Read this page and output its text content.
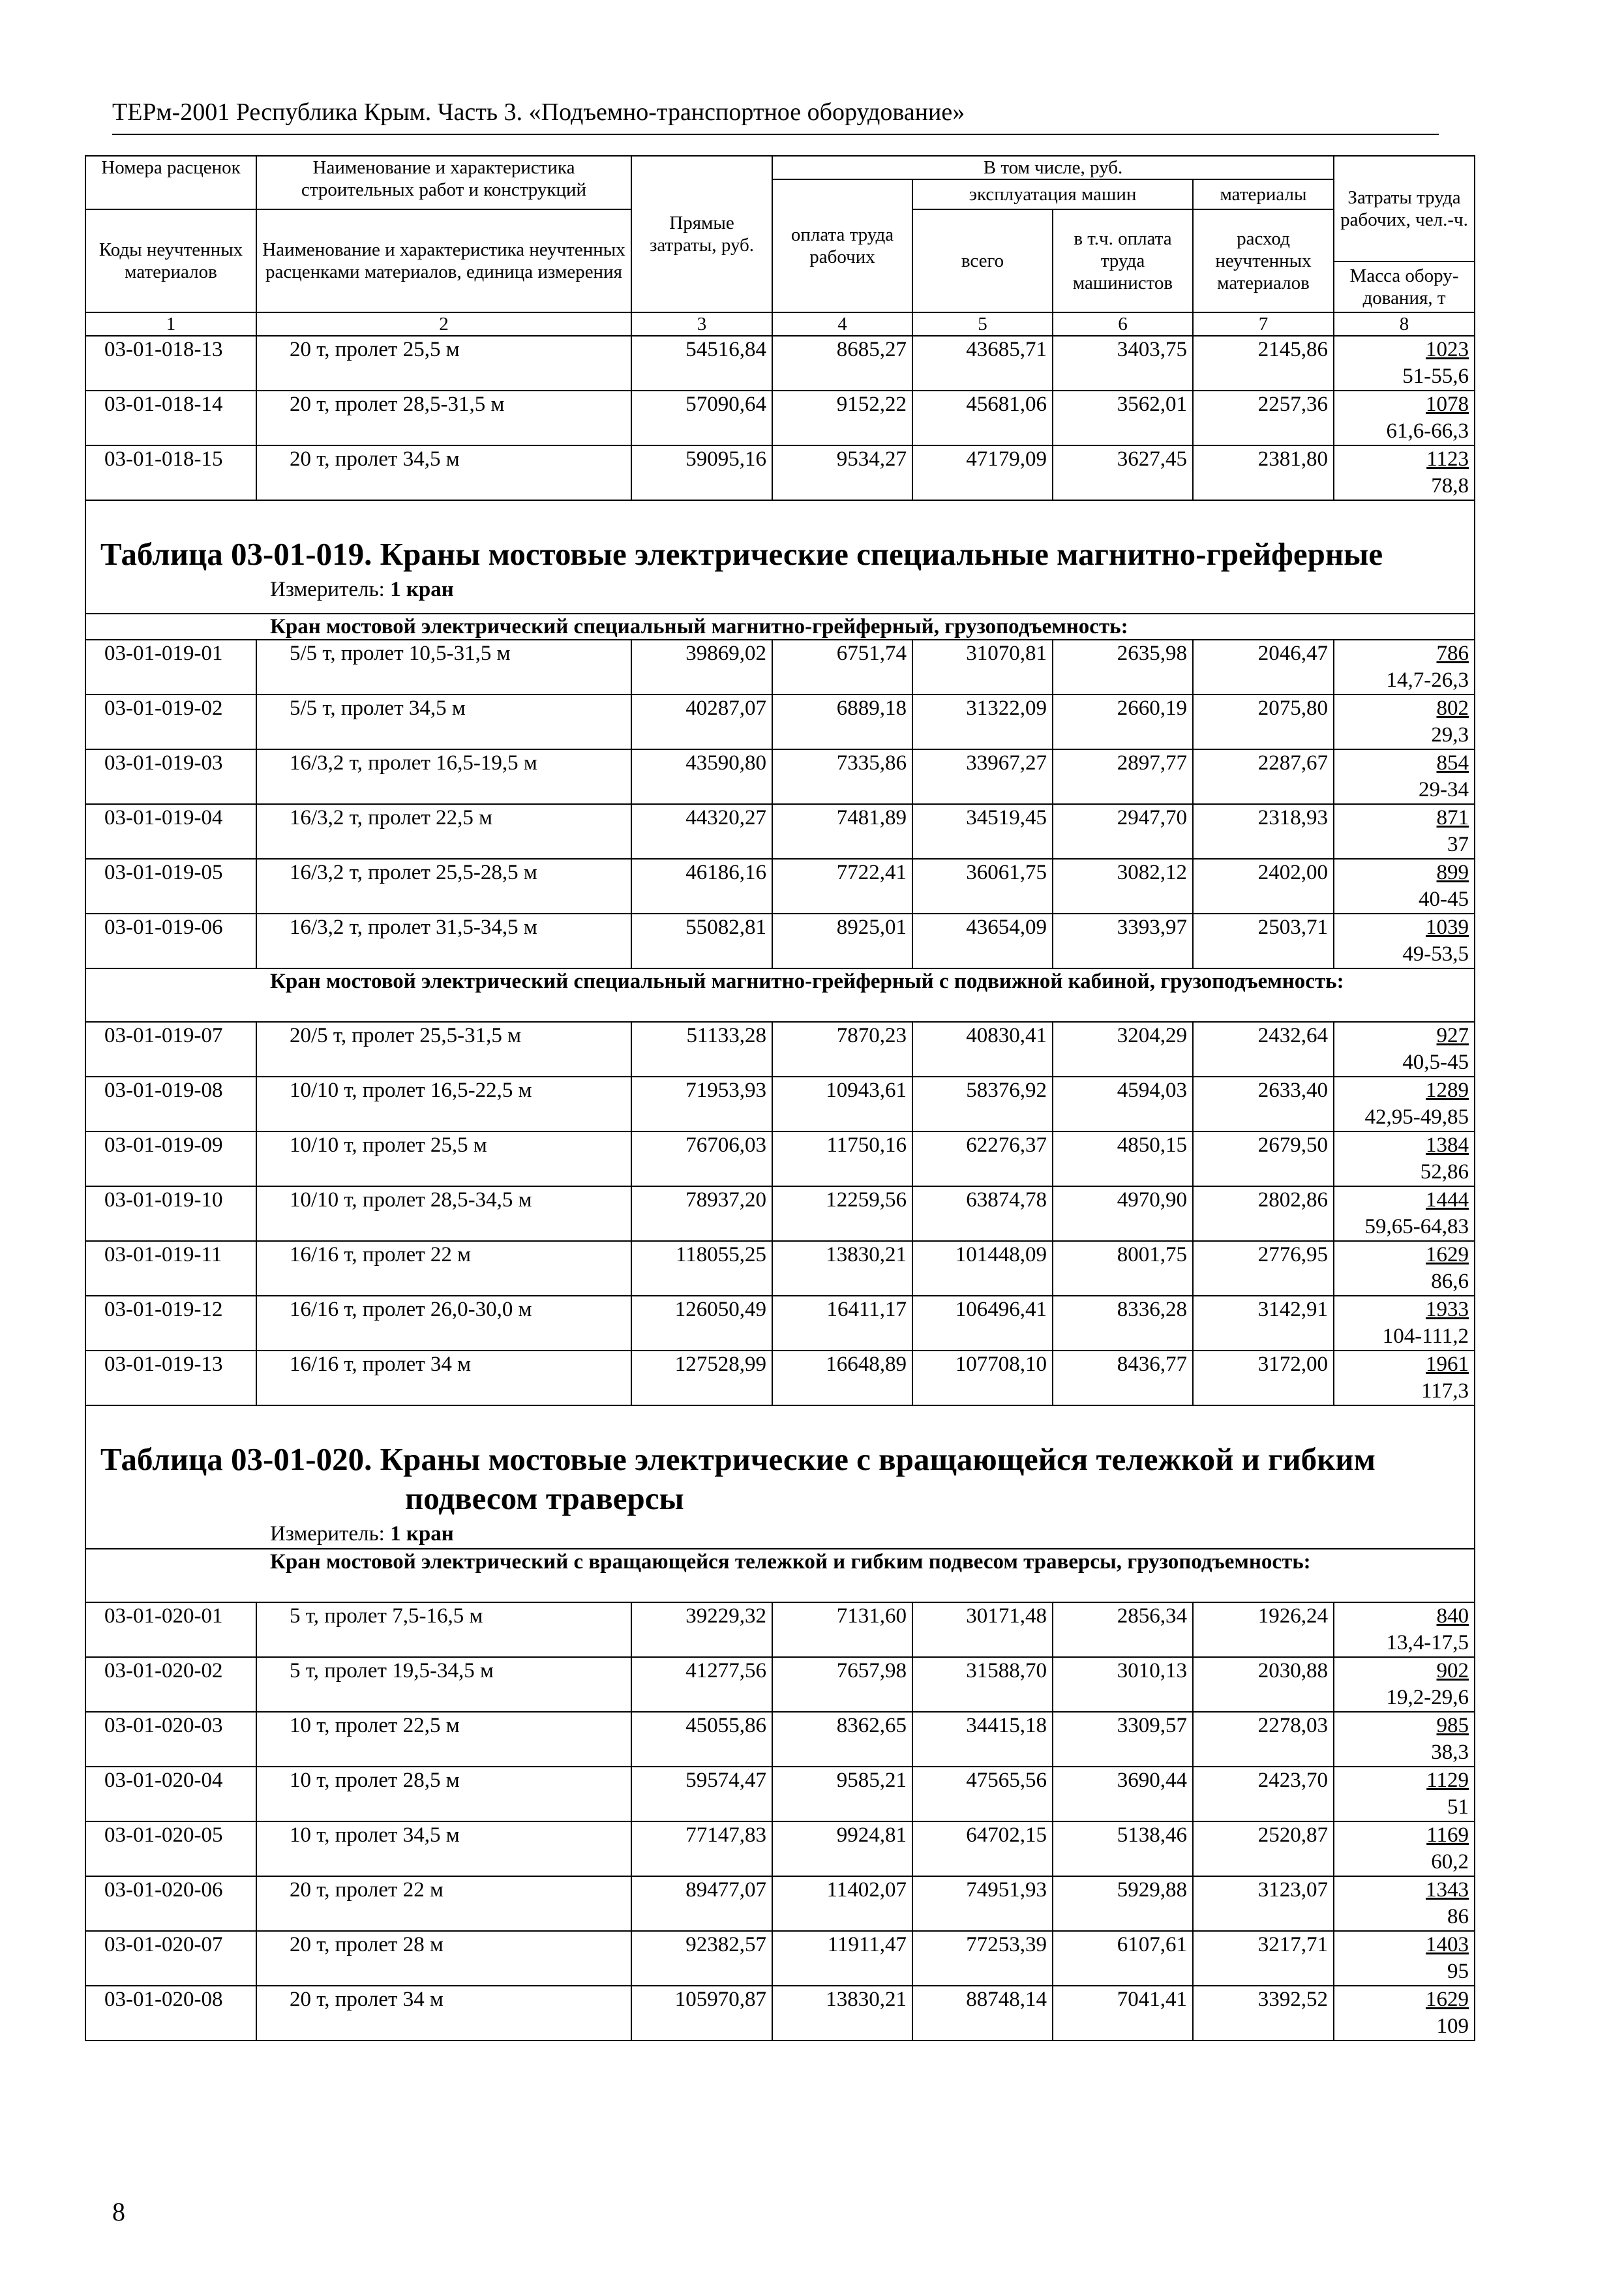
ТЕРм-2001 Республика Крым. Часть 3. «Подъемно-транспортное оборудование»
Номера расценок	Наименование и характеристика строительных работ и конструкций	Прямые затраты, руб.	В том числе, руб.				Затраты труда рабочих, чел.-ч.
			оплата труда рабочих	эксплуатация машин		материалы	
Коды неучтенных материалов	Наименование и характеристика неучтенных расценками материалов, единица измерения			всего	в т.ч. оплата труда машинистов	расход неучтенных материалов	
							Масса обору-дования, т
1	2	3	4	5	6	7	8
03-01-018-13	20 т, пролет 25,5 м	54516,84	8685,27	43685,71	3403,75	2145,86	1023
51-55,6

03-01-018-14	20 т, пролет 28,5-31,5 м	57090,64	9152,22	45681,06	3562,01	2257,36	1078
61,6-66,3

03-01-018-15	20 т, пролет 34,5 м	59095,16	9534,27	47179,09	3627,45	2381,80	1123
78,8

Таблица 03-01-019. Краны мостовые электрические специальные магнитно-грейферные
Измеритель: 1 кран							

Кран мостовой электрический специальный магнитно-грейферный, грузоподъемность:							
03-01-019-01	5/5 т, пролет 10,5-31,5 м	39869,02	6751,74	31070,81	2635,98	2046,47	786
14,7-26,3

03-01-019-02	5/5 т, пролет 34,5 м	40287,07	6889,18	31322,09	2660,19	2075,80	802
29,3

03-01-019-03	16/3,2 т, пролет 16,5-19,5 м	43590,80	7335,86	33967,27	2897,77	2287,67	854
29-34

03-01-019-04	16/3,2 т, пролет 22,5 м	44320,27	7481,89	34519,45	2947,70	2318,93	871
37

03-01-019-05	16/3,2 т, пролет 25,5-28,5 м	46186,16	7722,41	36061,75	3082,12	2402,00	899
40-45

03-01-019-06	16/3,2 т, пролет 31,5-34,5 м	55082,81	8925,01	43654,09	3393,97	2503,71	1039
49-53,5

Кран мостовой электрический специальный магнитно-грейферный с подвижной кабиной, грузоподъемность:							
03-01-019-07	20/5 т, пролет 25,5-31,5 м	51133,28	7870,23	40830,41	3204,29	2432,64	927
40,5-45

03-01-019-08	10/10 т, пролет 16,5-22,5 м	71953,93	10943,61	58376,92	4594,03	2633,40	1289
42,95-49,85

03-01-019-09	10/10 т, пролет 25,5 м	76706,03	11750,16	62276,37	4850,15	2679,50	1384
52,86

03-01-019-10	10/10 т, пролет 28,5-34,5 м	78937,20	12259,56	63874,78	4970,90	2802,86	1444
59,65-64,83

03-01-019-11	16/16 т, пролет 22 м	118055,25	13830,21	101448,09	8001,75	2776,95	1629
86,6

03-01-019-12	16/16 т, пролет 26,0-30,0 м	126050,49	16411,17	106496,41	8336,28	3142,91	1933
104-111,2

03-01-019-13	16/16 т, пролет 34 м	127528,99	16648,89	107708,10	8436,77	3172,00	1961
117,3

Таблица 03-01-020. Краны мостовые электрические с вращающейся тележкой и гибким
подвесом траверсы
Измеритель: 1 кран							

Кран мостовой электрический с вращающейся тележкой и гибким подвесом траверсы, грузоподъемность:							
03-01-020-01	5 т, пролет 7,5-16,5 м	39229,32	7131,60	30171,48	2856,34	1926,24	840
13,4-17,5

03-01-020-02	5 т, пролет 19,5-34,5 м	41277,56	7657,98	31588,70	3010,13	2030,88	902
19,2-29,6

03-01-020-03	10 т, пролет 22,5 м	45055,86	8362,65	34415,18	3309,57	2278,03	985
38,3

03-01-020-04	10 т, пролет 28,5 м	59574,47	9585,21	47565,56	3690,44	2423,70	1129
51

03-01-020-05	10 т, пролет 34,5 м	77147,83	9924,81	64702,15	5138,46	2520,87	1169
60,2

03-01-020-06	20 т, пролет 22 м	89477,07	11402,07	74951,93	5929,88	3123,07	1343
86

03-01-020-07	20 т, пролет 28 м	92382,57	11911,47	77253,39	6107,61	3217,71	1403
95

03-01-020-08	20 т, пролет 34 м	105970,87	13830,21	88748,14	7041,41	3392,52	1629
109
8
